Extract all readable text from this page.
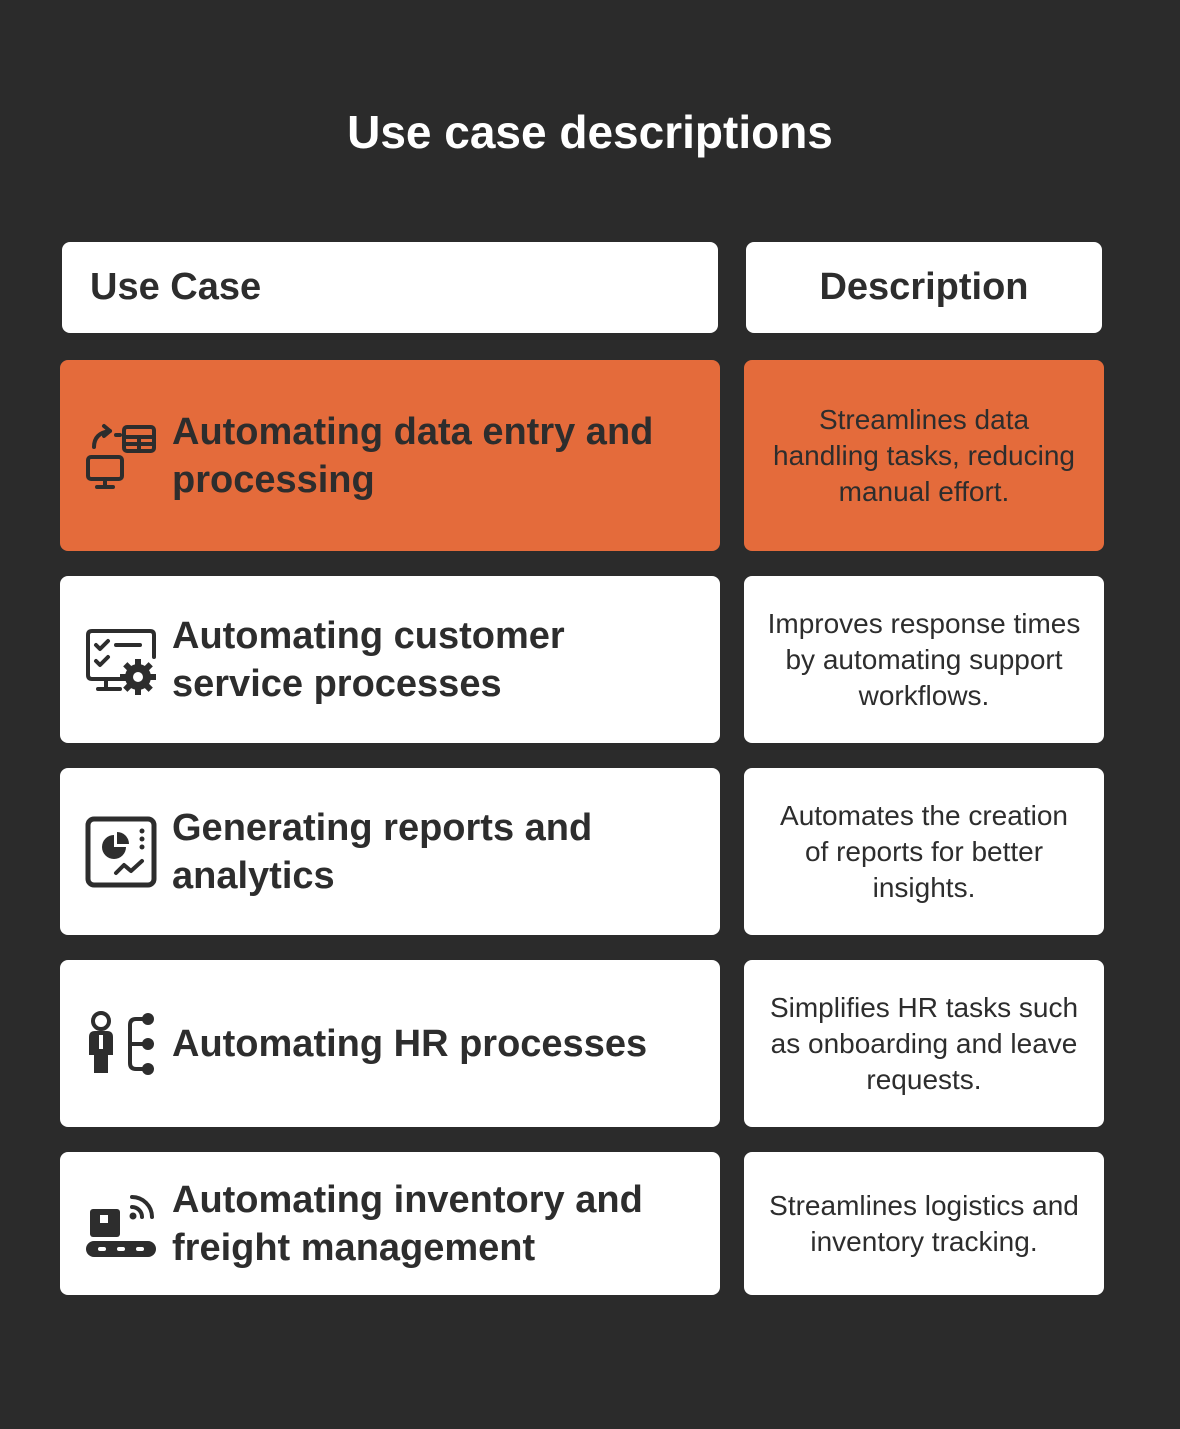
Use case descriptions
Use Case	Description
Automating data entry and processing
Streamlines data handling tasks, reducing manual effort.
Automating customer service processes
Improves response times by automating support workflows.
Generating reports and analytics
Automates the creation of reports for better insights.
Automating HR processes
Simplifies HR tasks such as onboarding and leave requests.
Automating inventory and freight management
Streamlines logistics and inventory tracking.
